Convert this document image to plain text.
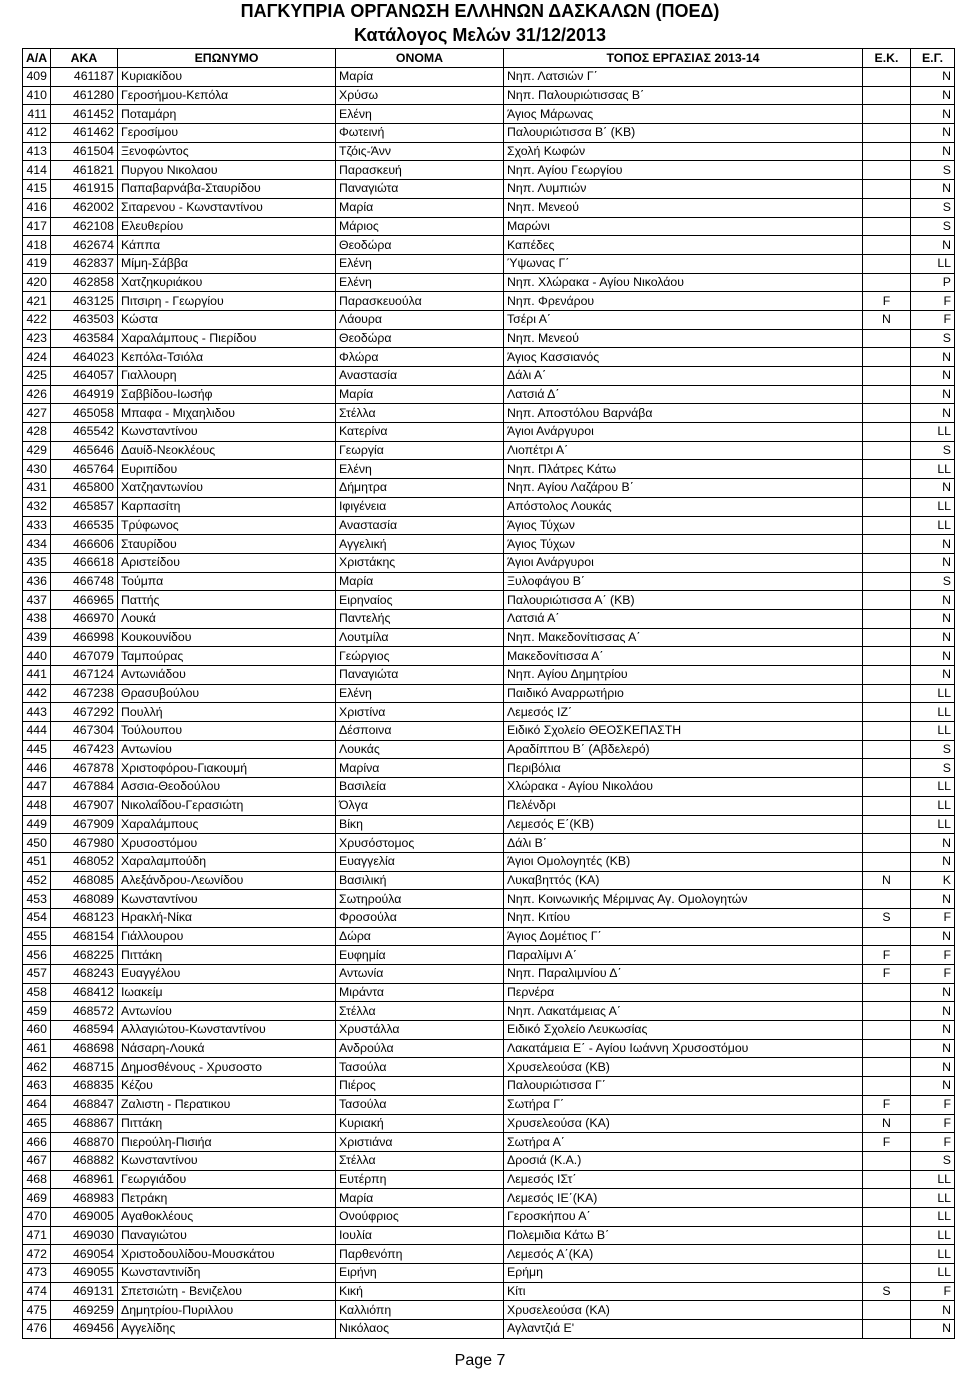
ΠΑΓΚΥΠΡΙΑ ΟΡΓΑΝΩΣΗ ΕΛΛΗΝΩΝ ΔΑΣΚΑΛΩΝ (ΠΟΕΔ)
Κατάλογος Μελών 31/12/2013
Α/Α	ΑΚΑ	ΕΠΩΝΥΜΟ	ΟΝΟΜΑ	ΤΟΠΟΣ ΕΡΓΑΣΙΑΣ 2013-14	Ε.Κ.	Ε.Γ.
409	461187	Κυριακίδου	Μαρία	Νηπ. Λατσιών Γ΄		N
410	461280	Γεροσήμου-Κεπόλα	Χρύσω	Νηπ. Παλουριώτισσας Β΄		N
411	461452	Ποταμάρη	Ελένη	Άγιος Μάρωνας		N
412	461462	Γεροσίμου	Φωτεινή	Παλουριώτισσα Β΄ (ΚΒ)		N
413	461504	Ξενοφώντος	Τζόις-Άνν	Σχολή Κωφών		N
414	461821	Πυργου Νικολαου	Παρασκευή	Νηπ. Αγίου Γεωργίου		S
415	461915	Παπαβαρνάβα-Σταυρίδου	Παναγιώτα	Νηπ. Λυμπιών		N
416	462002	Σιταρενου - Κωνσταντίνου	Μαρία	Νηπ. Μενεού		S
417	462108	Ελευθερίου	Μάριος	Μαρώνι		S
418	462674	Κάππα	Θεοδώρα	Καπέδες		N
419	462837	Μίμη-Σάββα	Ελένη	Ύψωνας Γ΄		LL
420	462858	Χατζηκυριάκου	Ελένη	Νηπ. Χλώρακα - Αγίου Νικολάου		P
421	463125	Πιτσιρη - Γεωργίου	Παρασκευούλα	Νηπ. Φρενάρου	F	F
422	463503	Κώστα	Λάουρα	Τσέρι Α΄	N	F
423	463584	Χαραλάμπους - Πιερίδου	Θεοδώρα	Νηπ. Μενεού		S
424	464023	Κεπόλα-Τσιόλα	Φλώρα	Άγιος Κασσιανός		N
425	464057	Γιαλλουρη	Αναστασία	Δάλι Α΄		N
426	464919	Σαββίδου-Ιωσήφ	Μαρία	Λατσιά Δ΄		N
427	465058	Μπαφα - Μιχαηλιδου	Στέλλα	Νηπ. Αποστόλου Βαρνάβα		N
428	465542	Κωνσταντίνου	Κατερίνα	Άγιοι Ανάργυροι		LL
429	465646	Δαυίδ-Νεοκλέους	Γεωργία	Λιοπέτρι Α΄		S
430	465764	Ευριπίδου	Ελένη	Νηπ. Πλάτρες Κάτω		LL
431	465800	Χατζηαντωνίου	Δήμητρα	Νηπ. Αγίου Λαζάρου Β΄		N
432	465857	Καρπασίτη	Ιφιγένεια	Απόστολος Λουκάς		LL
433	466535	Τρύφωνος	Αναστασία	Άγιος Τύχων		LL
434	466606	Σταυρίδου	Αγγελική	Άγιος Τύχων		N
435	466618	Αριστείδου	Χριστάκης	Άγιοι Ανάργυροι		N
436	466748	Τούμπα	Μαρία	Ξυλοφάγου Β΄		S
437	466965	Παττής	Ειρηναίος	Παλουριώτισσα Α΄ (ΚΒ)		N
438	466970	Λουκά	Παντελής	Λατσιά Α΄		N
439	466998	Κουκουνίδου	Λουτμίλα	Νηπ. Μακεδονίτισσας Α΄		N
440	467079	Ταμπούρας	Γεώργιος	Μακεδονίτισσα Α΄		N
441	467124	Αντωνιάδου	Παναγιώτα	Νηπ. Αγίου Δημητρίου		N
442	467238	Θρασυβούλου	Ελένη	Παιδικό Αναρρωτήριο		LL
443	467292	Πουλλή	Χριστίνα	Λεμεσός ΙΖ΄		LL
444	467304	Τούλουπου	Δέσποινα	Ειδικό Σχολείο ΘΕΟΣΚΕΠΑΣΤΗ		LL
445	467423	Αντωνίου	Λουκάς	Αραδίππου Β΄ (Αβδελερό)		S
446	467878	Χριστοφόρου-Γιακουμή	Μαρίνα	Περιβόλια		S
447	467884	Ασσια-Θεοδούλου	Βασιλεία	Χλώρακα - Αγίου Νικολάου		LL
448	467907	Νικολαΐδου-Γερασιώτη	Όλγα	Πελένδρι		LL
449	467909	Χαραλάμπους	Βίκη	Λεμεσός Ε΄(ΚΒ)		LL
450	467980	Χρυσοστόμου	Χρυσόστομος	Δάλι Β΄		N
451	468052	Χαραλαμπούδη	Ευαγγελία	Άγιοι Ομολογητές (ΚΒ)		N
452	468085	Αλεξάνδρου-Λεωνίδου	Βασιλική	Λυκαβηττός (ΚΑ)	N	K
453	468089	Κωνσταντίνου	Σωτηρούλα	Νηπ. Κοινωνικής Μέριμνας Αγ. Ομολογητών		N
454	468123	Ηρακλή-Νίκα	Φροσούλα	Νηπ. Κιτίου	S	F
455	468154	Γιάλλουρου	Δώρα	Άγιος Δομέτιος Γ΄		N
456	468225	Πιττάκη	Ευφημία	Παραλίμνι Α΄	F	F
457	468243	Ευαγγέλου	Αντωνία	Νηπ. Παραλιμνίου Δ΄	F	F
458	468412	Ιωακείμ	Μιράντα	Περνέρα		N
459	468572	Αντωνίου	Στέλλα	Νηπ. Λακατάμειας Α΄		N
460	468594	Αλλαγιώτου-Κωνσταντίνου	Χρυστάλλα	Ειδικό Σχολείο Λευκωσίας		N
461	468698	Νάσαρη-Λουκά	Ανδρούλα	Λακατάμεια Ε΄ - Αγίου Ιωάννη Χρυσοστόμου		N
462	468715	Δημοσθένους - Χρυσοστο	Τασούλα	Χρυσελεούσα (ΚΒ)		N
463	468835	Κέζου	Πιέρος	Παλουριώτισσα Γ΄		N
464	468847	Ζαλιστη - Περατικου	Τασούλα	Σωτήρα Γ΄	F	F
465	468867	Πιττάκη	Κυριακή	Χρυσελεούσα (ΚΑ)	N	F
466	468870	Πιερούλη-Πισιήα	Χριστιάνα	Σωτήρα Α΄	F	F
467	468882	Κωνσταντίνου	Στέλλα	Δροσιά (Κ.Α.)		S
468	468961	Γεωργιάδου	Ευτέρπη	Λεμεσός ΙΣτ΄		LL
469	468983	Πετράκη	Μαρία	Λεμεσός ΙΕ΄(ΚΑ)		LL
470	469005	Αγαθοκλέους	Ονούφριος	Γεροσκήπου Α΄		LL
471	469030	Παναγιώτου	Ιουλία	Πολεμιδια Κάτω Β΄		LL
472	469054	Χριστοδουλίδου-Μουσκάτου	Παρθενόπη	Λεμεσός Α΄(ΚΑ)		LL
473	469055	Κωνσταντινίδη	Ειρήνη	Ερήμη		LL
474	469131	Σπετσιώτη - Βενιζελου	Κική	Κίτι	S	F
475	469259	Δημητρίου-Πυριλλου	Καλλιόπη	Χρυσελεούσα (ΚΑ)		N
476	469456	Αγγελίδης	Νικόλαος	Αγλαντζιά Ε'		N
Page 7
